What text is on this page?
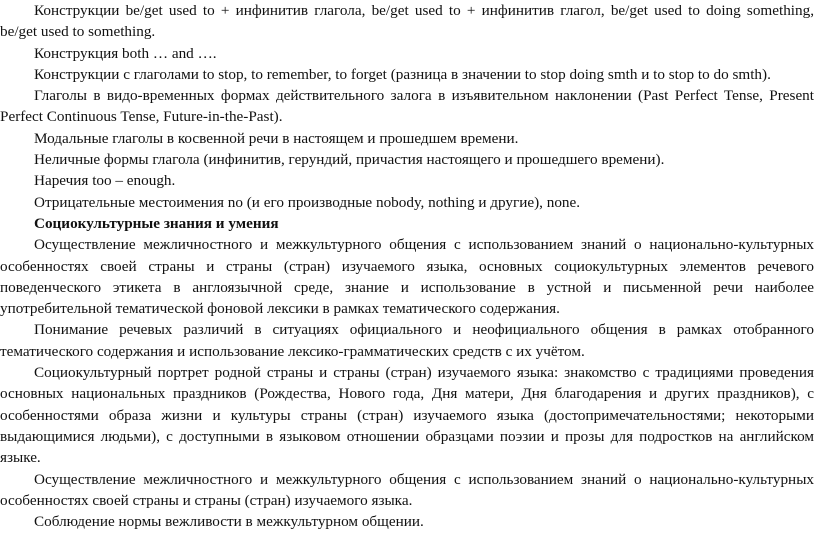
Конструкции be/get used to + инфинитив глагола, be/get used to + инфинитив глагол, be/get used to doing something, be/get used to something.

Конструкция both … and ….

Конструкции с глаголами to stop, to remember, to forget (разница в значении to stop doing smth и to stop to do smth).

Глаголы в видо-временных формах действительного залога в изъявительном наклонении (Past Perfect Tense, Present Perfect Continuous Tense, Future-in-the-Past).

Модальные глаголы в косвенной речи в настоящем и прошедшем времени.

Неличные формы глагола (инфинитив, герундий, причастия настоящего и прошедшего времени).

Наречия too – enough.

Отрицательные местоимения no (и его производные nobody, nothing и другие), none.

Социокультурные знания и умения

Осуществление межличностного и межкультурного общения с использованием знаний о национально-культурных особенностях своей страны и страны (стран) изучаемого языка, основных социокультурных элементов речевого поведенческого этикета в англоязычной среде, знание и использование в устной и письменной речи наиболее употребительной тематической фоновой лексики в рамках тематического содержания.

Понимание речевых различий в ситуациях официального и неофициального общения в рамках отобранного тематического содержания и использование лексико-грамматических средств с их учётом.

Социокультурный портрет родной страны и страны (стран) изучаемого языка: знакомство с традициями проведения основных национальных праздников (Рождества, Нового года, Дня матери, Дня благодарения и других праздников), с особенностями образа жизни и культуры страны (стран) изучаемого языка (достопримечательностями; некоторыми выдающимися людьми), с доступными в языковом отношении образцами поэзии и прозы для подростков на английском языке.

Осуществление межличностного и межкультурного общения с использованием знаний о национально-культурных особенностях своей страны и страны (стран) изучаемого языка.

Соблюдение нормы вежливости в межкультурном общении.
